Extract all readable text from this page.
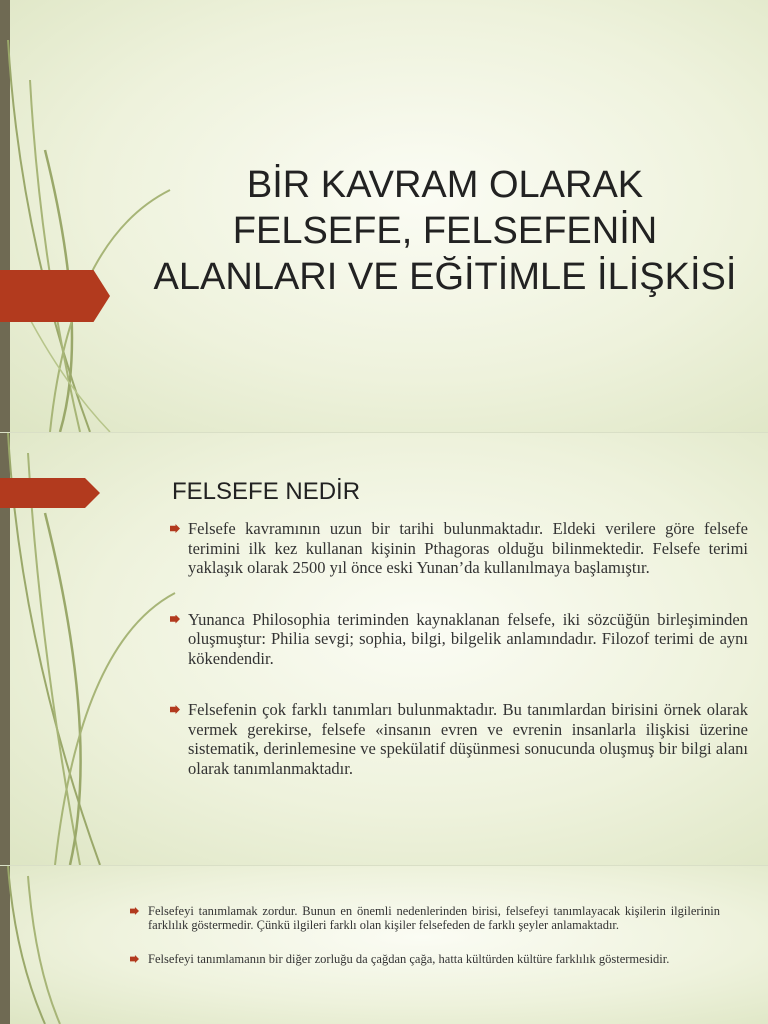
BİR KAVRAM OLARAK
FELSEFE, FELSEFENİN
ALANLARI VE EĞİTİMLE İLİŞKİSİ
FELSEFE NEDİR
Felsefe kavramının uzun bir tarihi bulunmaktadır. Eldeki verilere göre felsefe terimini ilk kez kullanan kişinin Pthagoras olduğu bilinmektedir. Felsefe terimi yaklaşık olarak 2500 yıl önce eski Yunan’da kullanılmaya başlamıştır.
Yunanca Philosophia teriminden kaynaklanan felsefe, iki sözcüğün birleşiminden oluşmuştur: Philia sevgi; sophia, bilgi, bilgelik anlamındadır. Filozof terimi de aynı kökendendir.
Felsefenin çok farklı tanımları bulunmaktadır. Bu tanımlardan birisini örnek olarak vermek gerekirse, felsefe «insanın evren ve evrenin insanlarla ilişkisi üzerine sistematik, derinlemesine ve spekülatif düşünmesi sonucunda oluşmuş bir bilgi alanı olarak tanımlanmaktadır.
Felsefeyi tanımlamak zordur. Bunun en önemli nedenlerinden birisi, felsefeyi tanımlayacak kişilerin ilgilerinin farklılık göstermedir. Çünkü ilgileri farklı olan kişiler felsefeden de farklı şeyler anlamaktadır.
Felsefeyi tanımlamanın bir diğer zorluğu da çağdan çağa, hatta kültürden kültüre farklılık göstermesidir.
